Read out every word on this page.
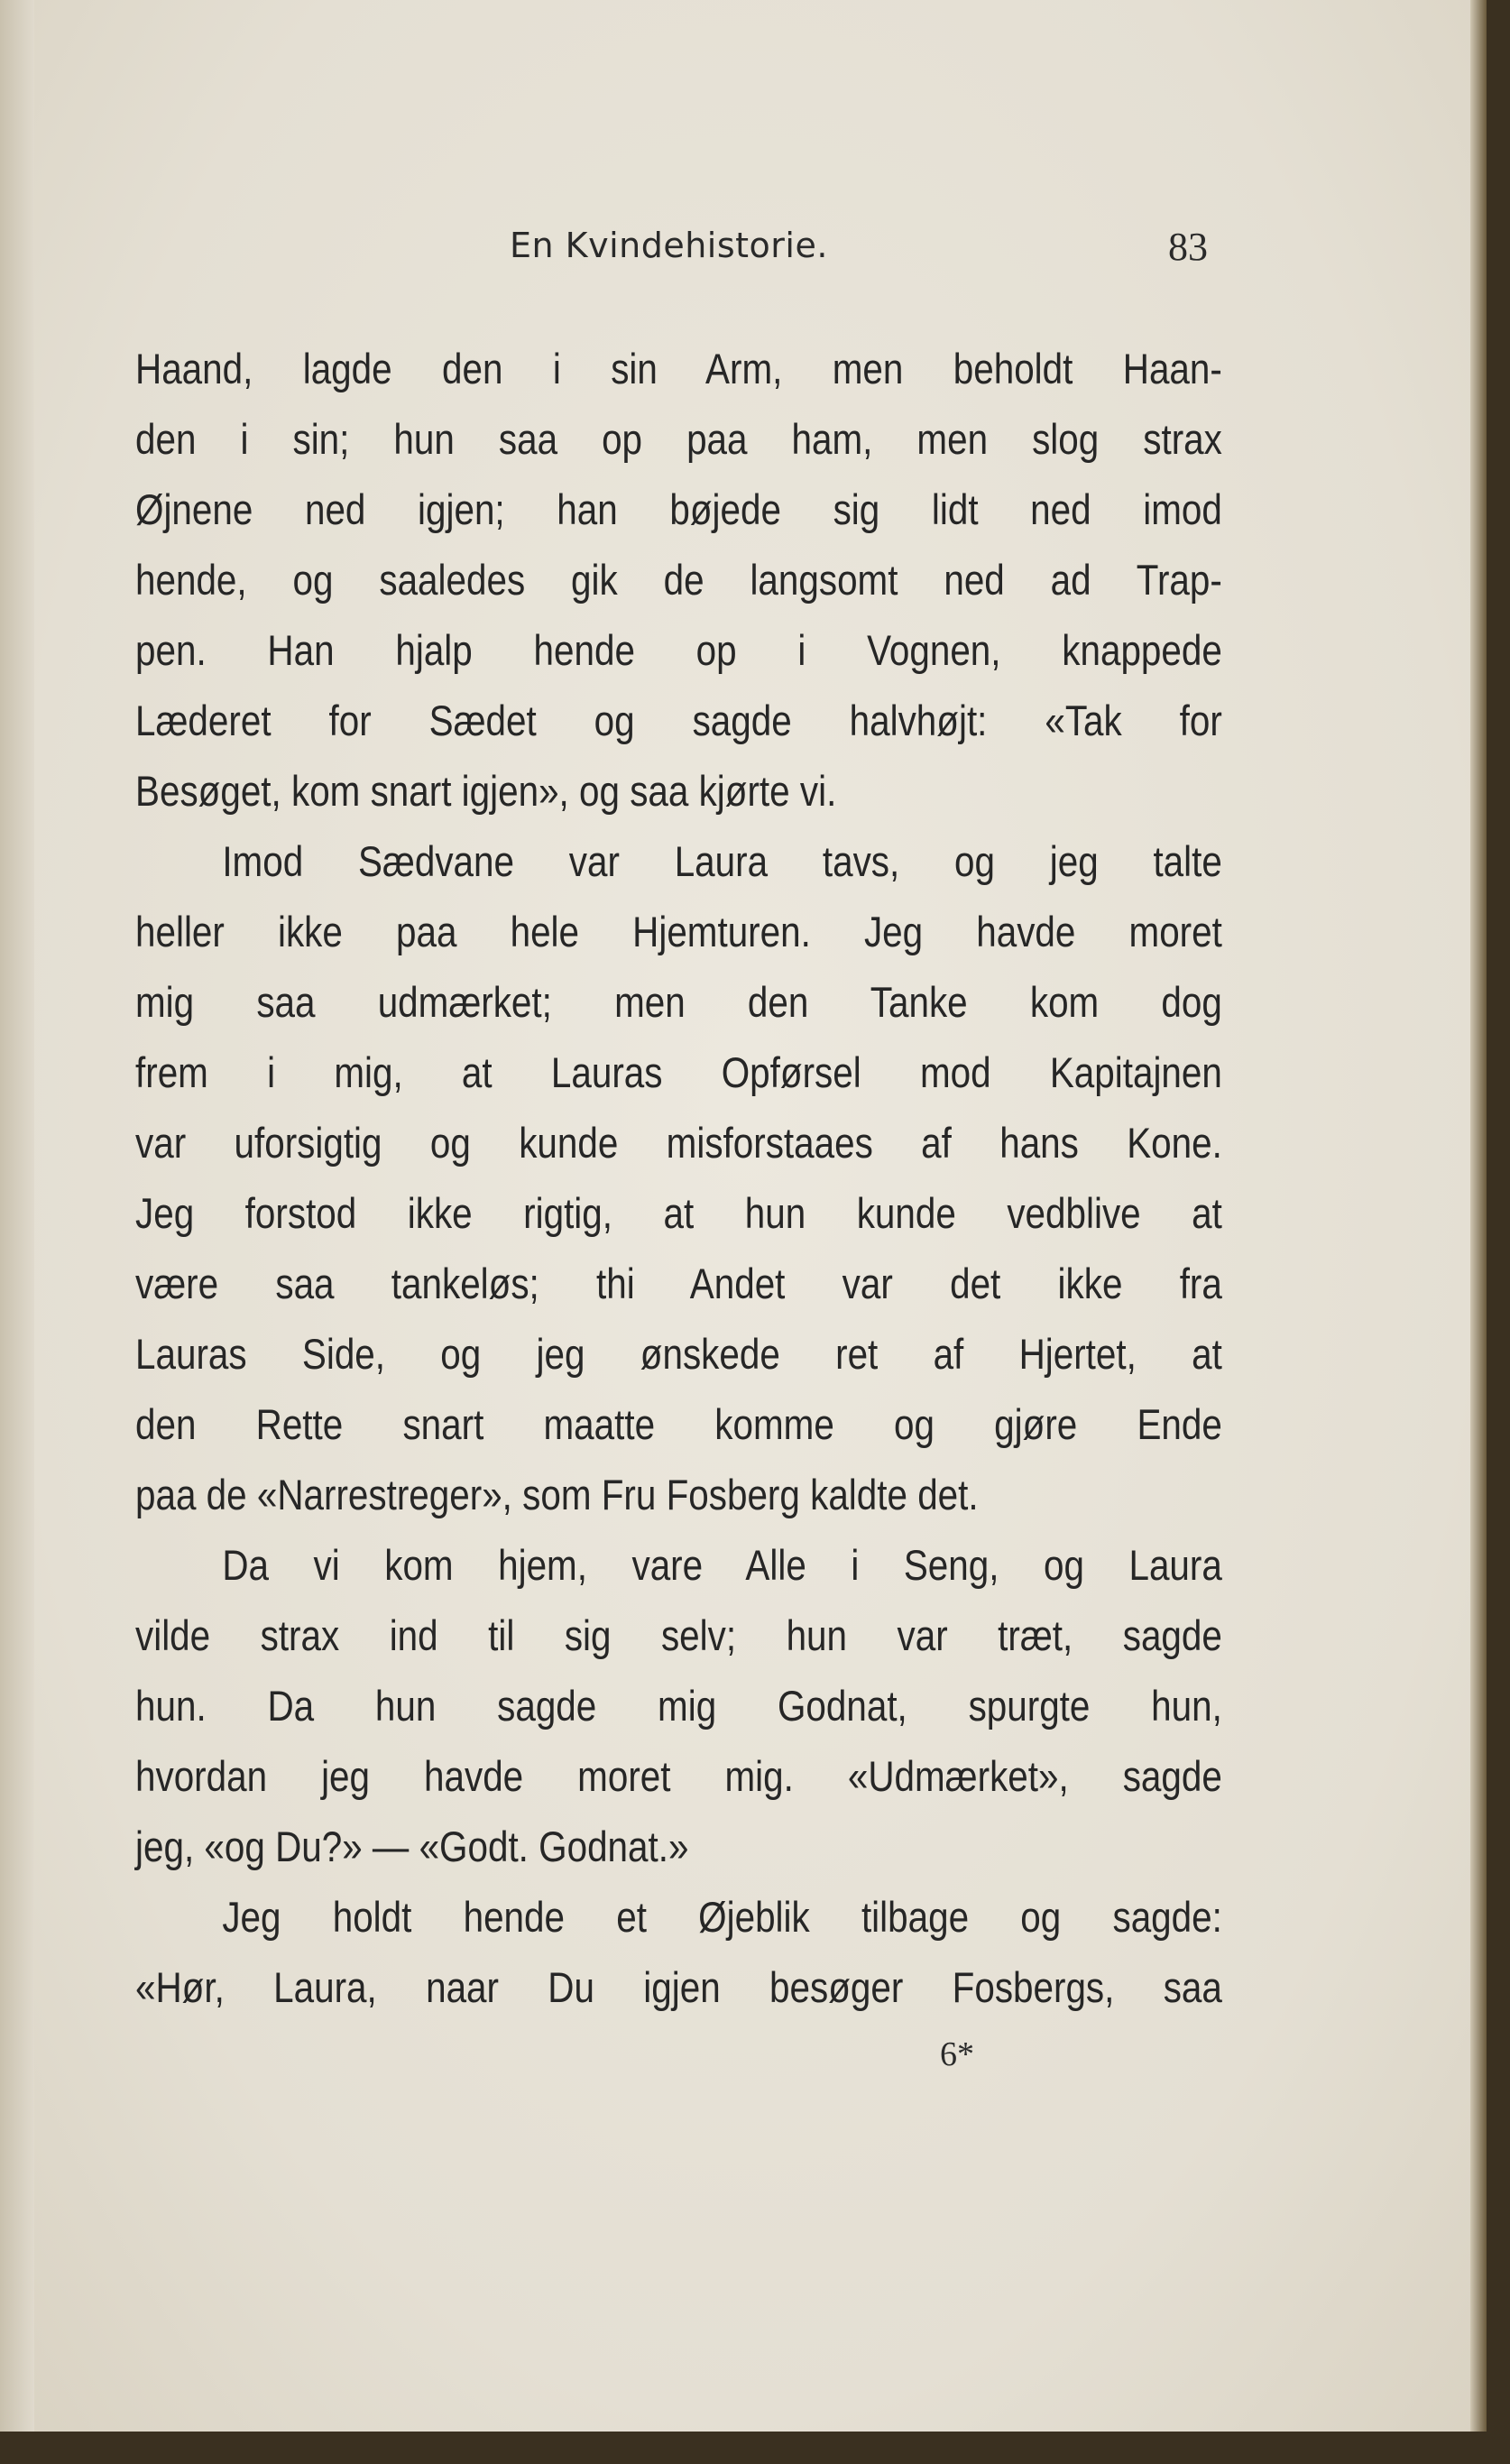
En Kvindehistorie.	83
Haand, lagde den i sin Arm, men beholdt Haan-
den i sin; hun saa op paa ham, men slog strax
Øjnene ned igjen; han bøjede sig lidt ned imod
hende, og saaledes gik de langsomt ned ad Trap-
pen. Han hjalp hende op i Vognen, knappede
Læderet for Sædet og sagde halvhøjt: «Tak for
Besøget, kom snart igjen», og saa kjørte vi.
Imod Sædvane var Laura tavs, og jeg talte
heller ikke paa hele Hjemturen. Jeg havde moret
mig saa udmærket; men den Tanke kom dog
frem i mig, at Lauras Opførsel mod Kapitajnen
var uforsigtig og kunde misforstaaes af hans Kone.
Jeg forstod ikke rigtig, at hun kunde vedblive at
være saa tankeløs; thi Andet var det ikke fra
Lauras Side, og jeg ønskede ret af Hjertet, at
den Rette snart maatte komme og gjøre Ende
paa de «Narrestreger», som Fru Fosberg kaldte det.
Da vi kom hjem, vare Alle i Seng, og Laura
vilde strax ind til sig selv; hun var træt, sagde
hun. Da hun sagde mig Godnat, spurgte hun,
hvordan jeg havde moret mig. «Udmærket», sagde
jeg, «og Du?» — «Godt. Godnat.»
Jeg holdt hende et Øjeblik tilbage og sagde:
«Hør, Laura, naar Du igjen besøger Fosbergs, saa
6*
